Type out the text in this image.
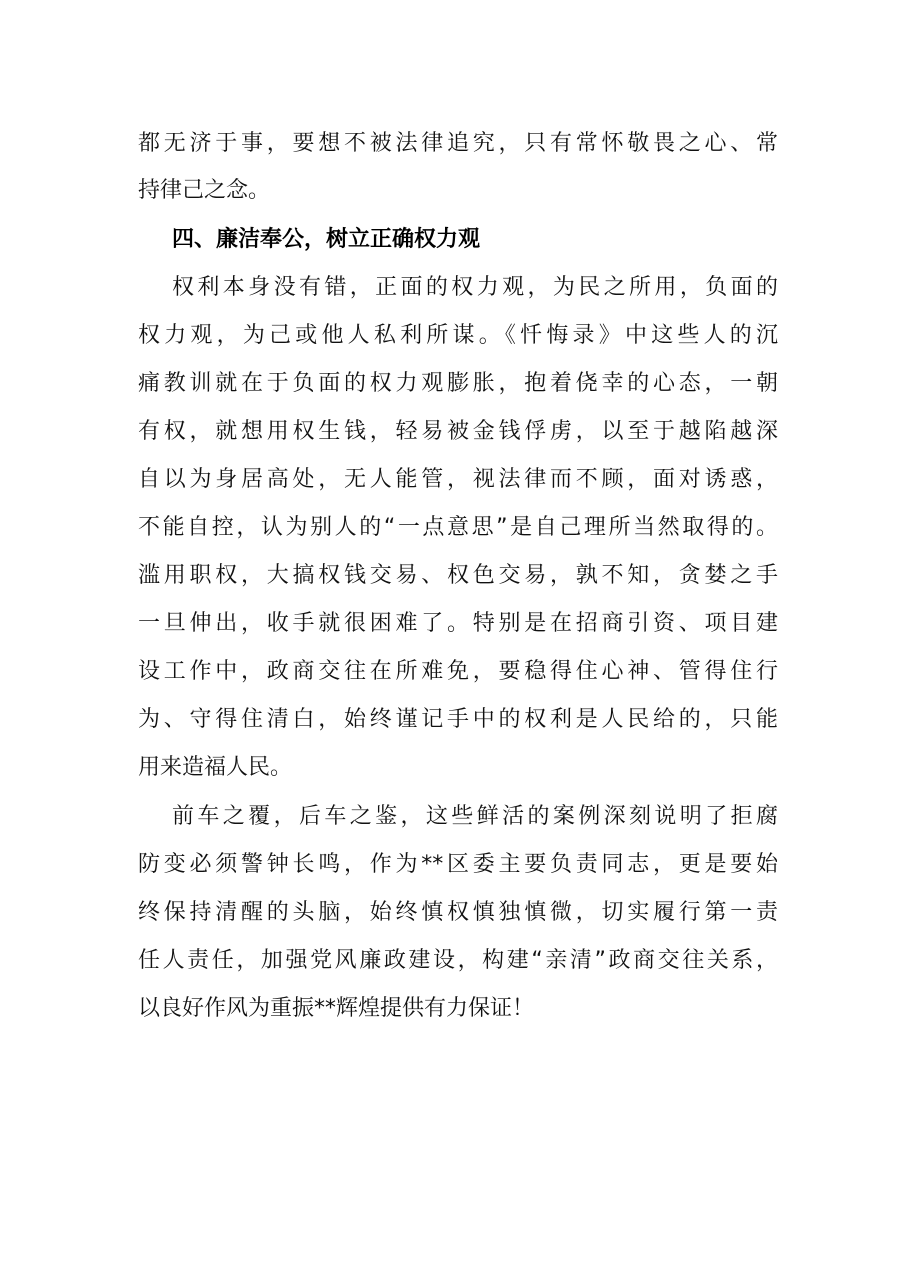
都无济于事，要想不被法律追究，只有常怀敬畏之心、常
持律己之念。
四、廉洁奉公，树立正确权力观
权利本身没有错，正面的权力观，为民之所用，负面的
权力观，为己或他人私利所谋。《忏悔录》中这些人的沉
痛教训就在于负面的权力观膨胀，抱着侥幸的心态，一朝
有权，就想用权生钱，轻易被金钱俘虏，以至于越陷越深
自以为身居高处，无人能管，视法律而不顾，面对诱惑，
不能自控，认为别人的“一点意思”是自己理所当然取得的。
滥用职权，大搞权钱交易、权色交易，孰不知，贪婪之手
一旦伸出，收手就很困难了。特别是在招商引资、项目建
设工作中，政商交往在所难免，要稳得住心神、管得住行
为、守得住清白，始终谨记手中的权利是人民给的，只能
用来造福人民。
前车之覆，后车之鉴，这些鲜活的案例深刻说明了拒腐
防变必须警钟长鸣，作为**区委主要负责同志，更是要始
终保持清醒的头脑，始终慎权慎独慎微，切实履行第一责
任人责任，加强党风廉政建设，构建“亲清”政商交往关系，
以良好作风为重振**辉煌提供有力保证！
